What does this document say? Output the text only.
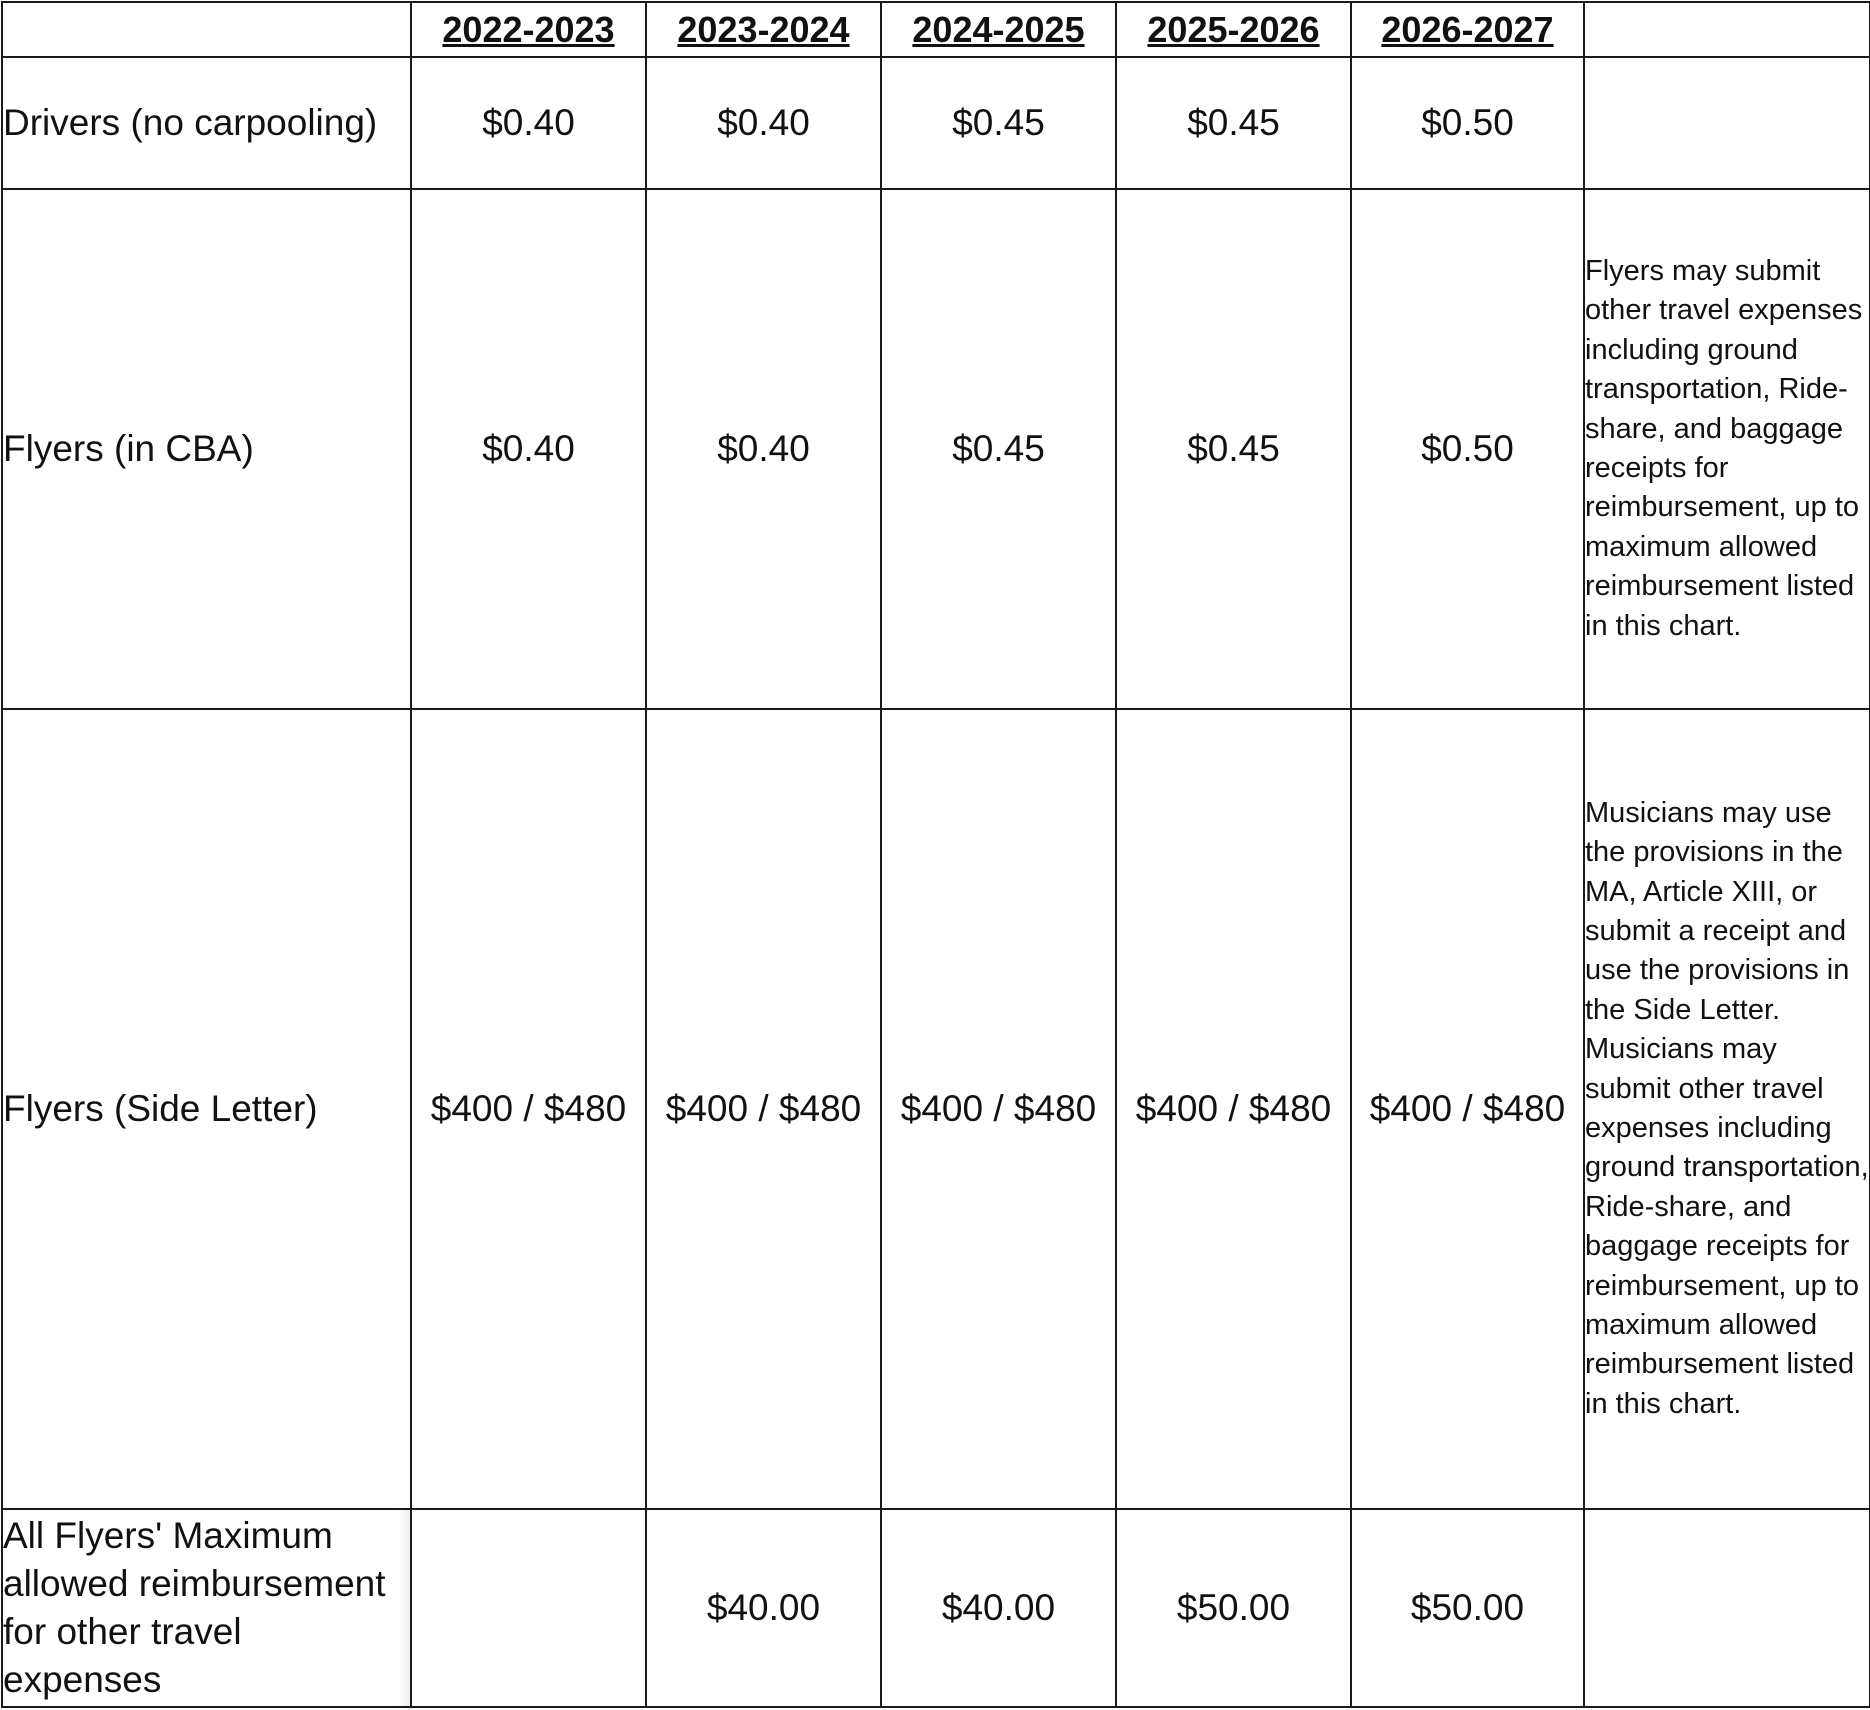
	2022-2023	2023-2024	2024-2025	2025-2026	2026-2027	
Drivers (no carpooling)	$0.40	$0.40	$0.45	$0.45	$0.50	
Flyers (in CBA)	$0.40	$0.40	$0.45	$0.45	$0.50	Flyers may submit other travel expenses including ground transportation, Ride-share, and baggage receipts for reimbursement, up to maximum allowed reimbursement listed in this chart.
Flyers (Side Letter)	$400 / $480	$400 / $480	$400 / $480	$400 / $480	$400 / $480	Musicians may use the provisions in the MA, Article XIII, or submit a receipt and use the provisions in the Side Letter. Musicians may submit other travel expenses including ground transportation, Ride-share, and baggage receipts for reimbursement, up to maximum allowed reimbursement listed in this chart.
All Flyers' Maximum allowed reimbursement for other travel expenses		$40.00	$40.00	$50.00	$50.00	
